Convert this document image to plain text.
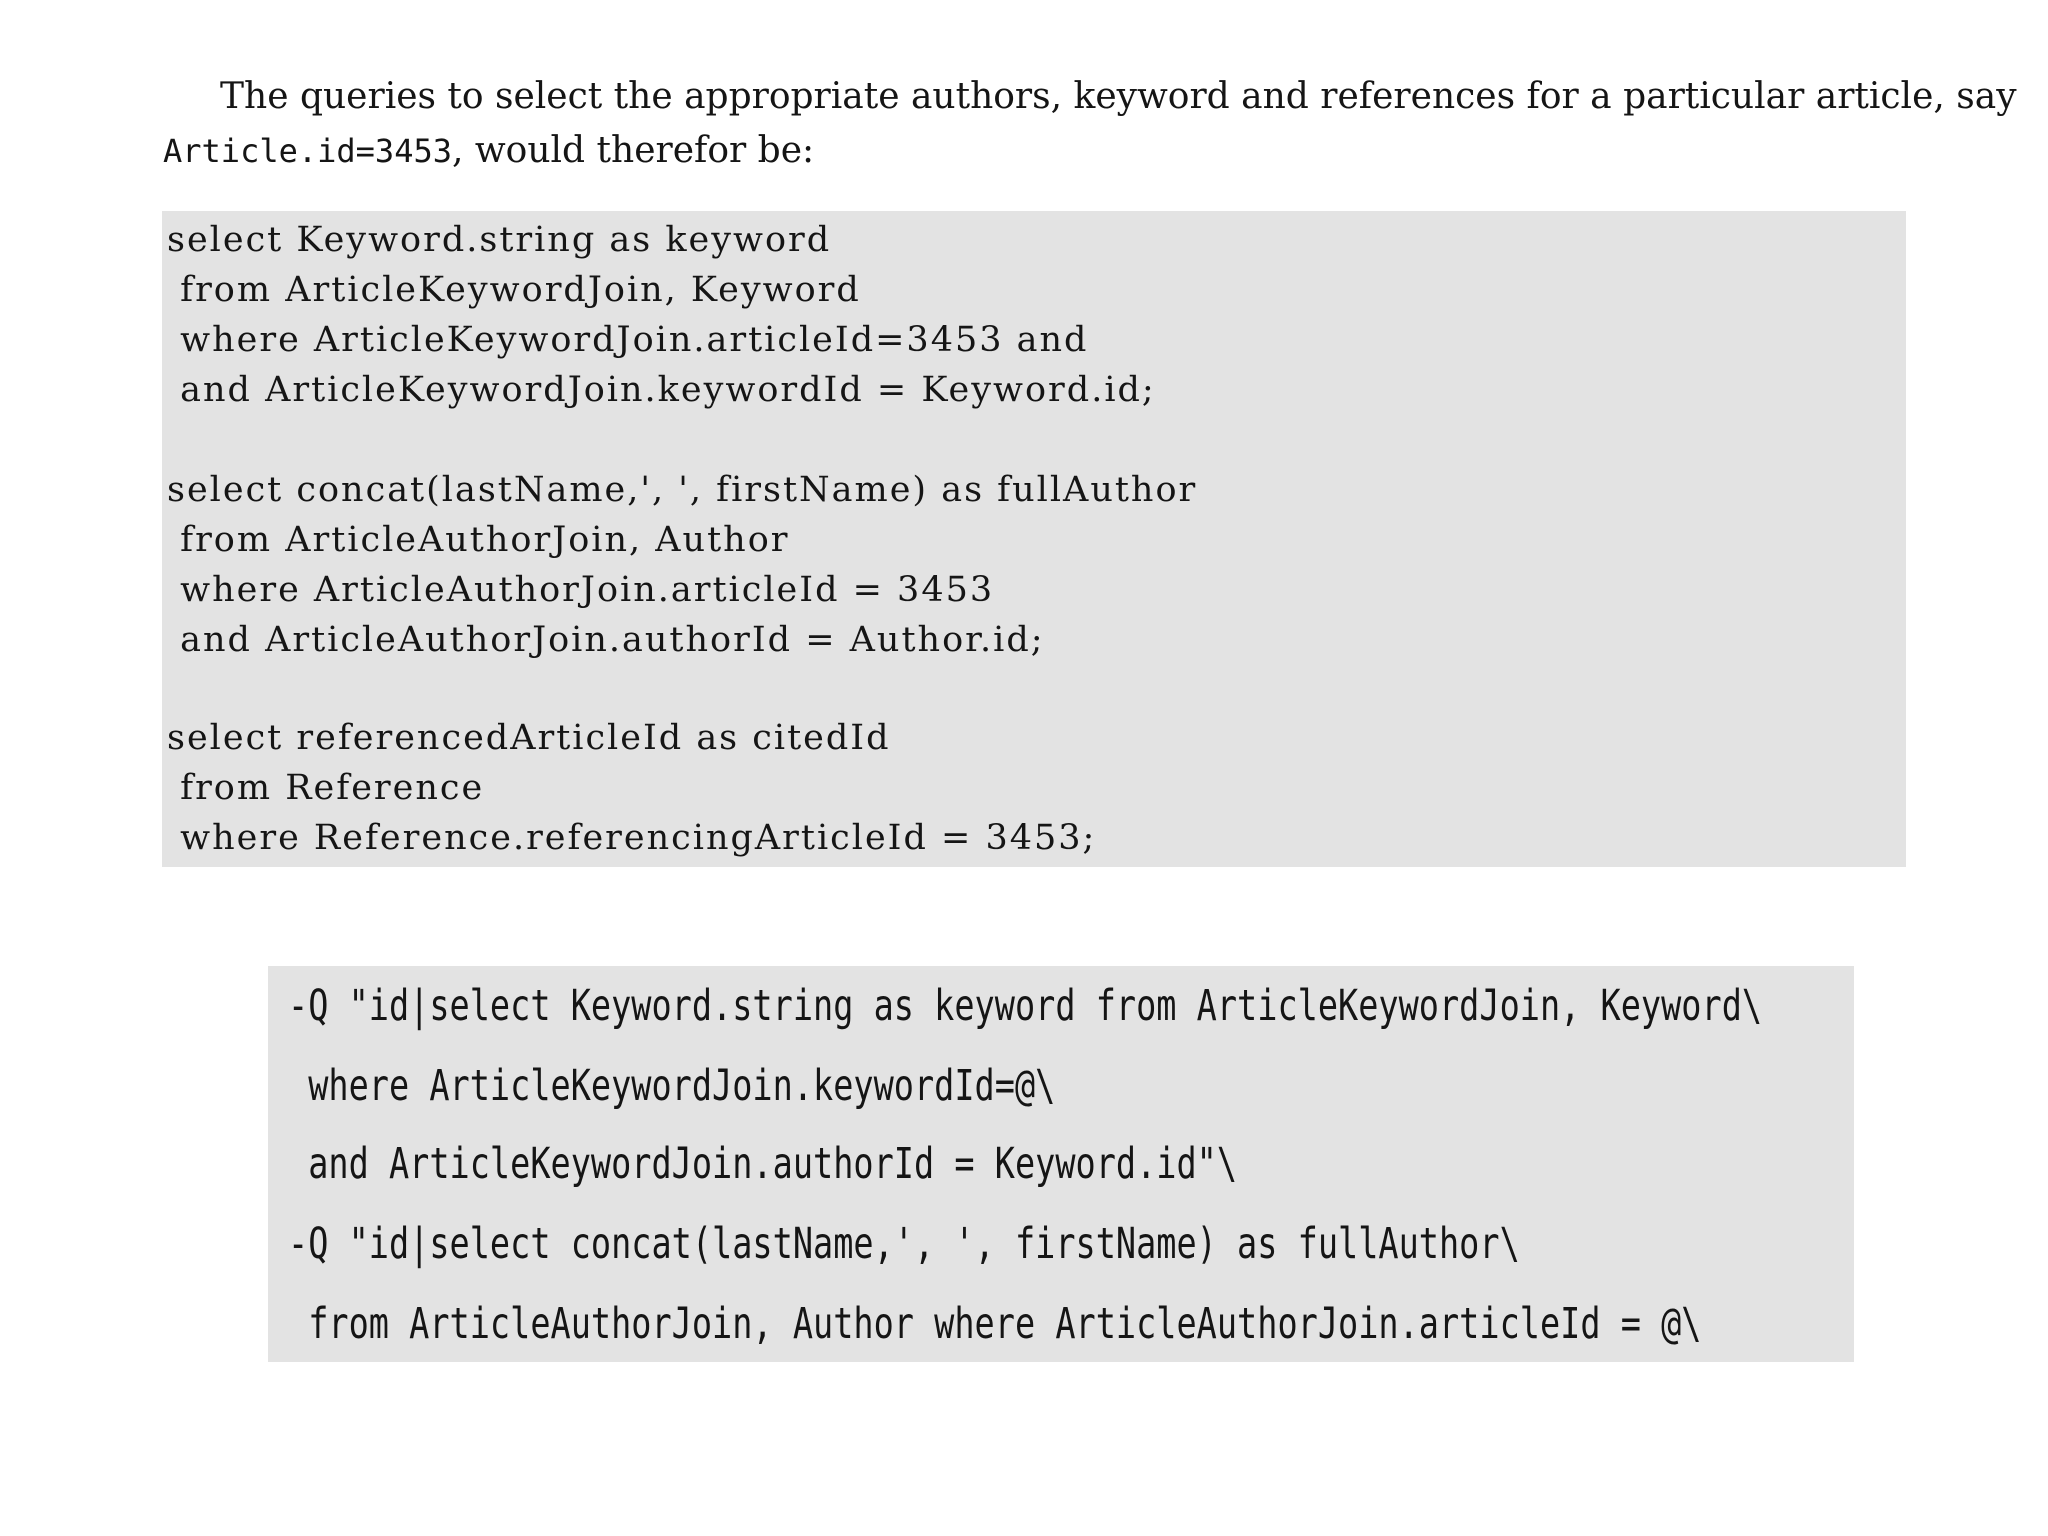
The queries to select the appropriate authors, keyword and references for a particular article, say
Article.id=3453, would therefor be:
select Keyword.string as keyword
from ArticleKeywordJoin, Keyword
where ArticleKeywordJoin.articleId=3453 and
and ArticleKeywordJoin.keywordId = Keyword.id;
select concat(lastName,', ', firstName) as fullAuthor
from ArticleAuthorJoin, Author
where ArticleAuthorJoin.articleId = 3453
and ArticleAuthorJoin.authorId = Author.id;
select referencedArticleId as citedId
from Reference
where Reference.referencingArticleId = 3453;
-Q "id|select Keyword.string as keyword from ArticleKeywordJoin, Keyword\
where ArticleKeywordJoin.keywordId=@\
and ArticleKeywordJoin.authorId = Keyword.id"\
-Q "id|select concat(lastName,', ', firstName) as fullAuthor\
from ArticleAuthorJoin, Author where ArticleAuthorJoin.articleId = @\
